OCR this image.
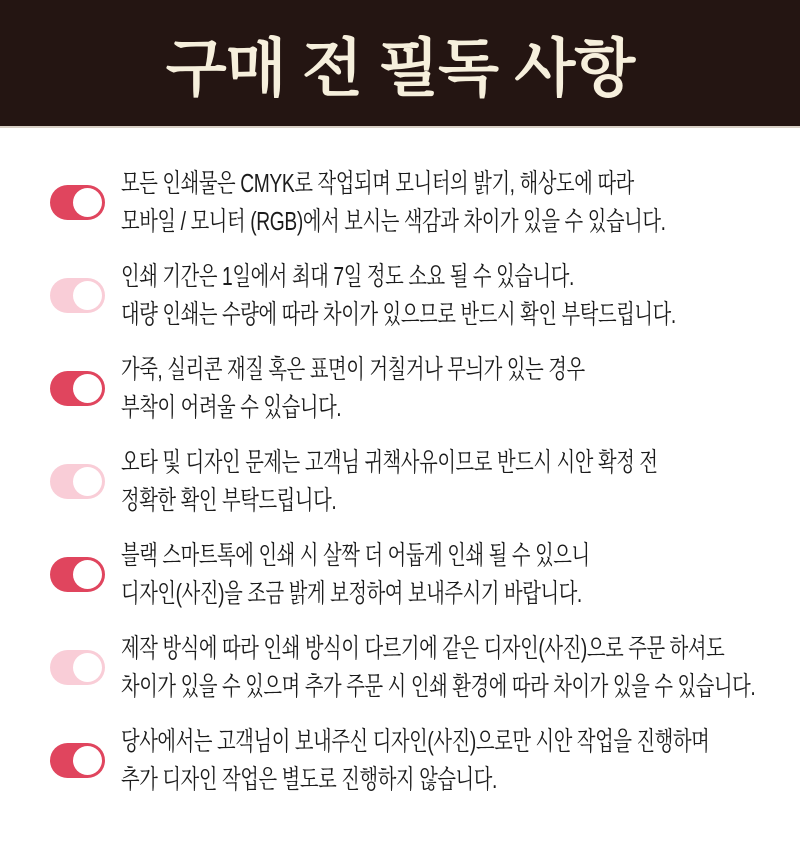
구매 전 필독 사항

모든 인쇄물은 CMYK로 작업되며 모니터의 밝기, 해상도에 따라

모바일 / 모니터 (RGB)에서 보시는 색감과 차이가 있을 수 있습니다.

인쇄 기간은 1일에서 최대 7일 정도 소요 될 수 있습니다.

대량 인쇄는 수량에 따라 차이가 있으므로 반드시 확인 부탁드립니다.

가죽, 실리콘 재질 혹은 표면이 거칠거나 무늬가 있는 경우

부착이 어려울 수 있습니다.

오타 및 디자인 문제는 고객님 귀책사유이므로 반드시 시안 확정 전

정확한 확인 부탁드립니다.

블랙 스마트톡에 인쇄 시 살짝 더 어둡게 인쇄 될 수 있으니

디자인(사진)을 조금 밝게 보정하여 보내주시기 바랍니다.

제작 방식에 따라 인쇄 방식이 다르기에 같은 디자인(사진)으로 주문 하셔도

차이가 있을 수 있으며 추가 주문 시 인쇄 환경에 따라 차이가 있을 수 있습니다.

당사에서는 고객님이 보내주신 디자인(사진)으로만 시안 작업을 진행하며

추가 디자인 작업은 별도로 진행하지 않습니다.
